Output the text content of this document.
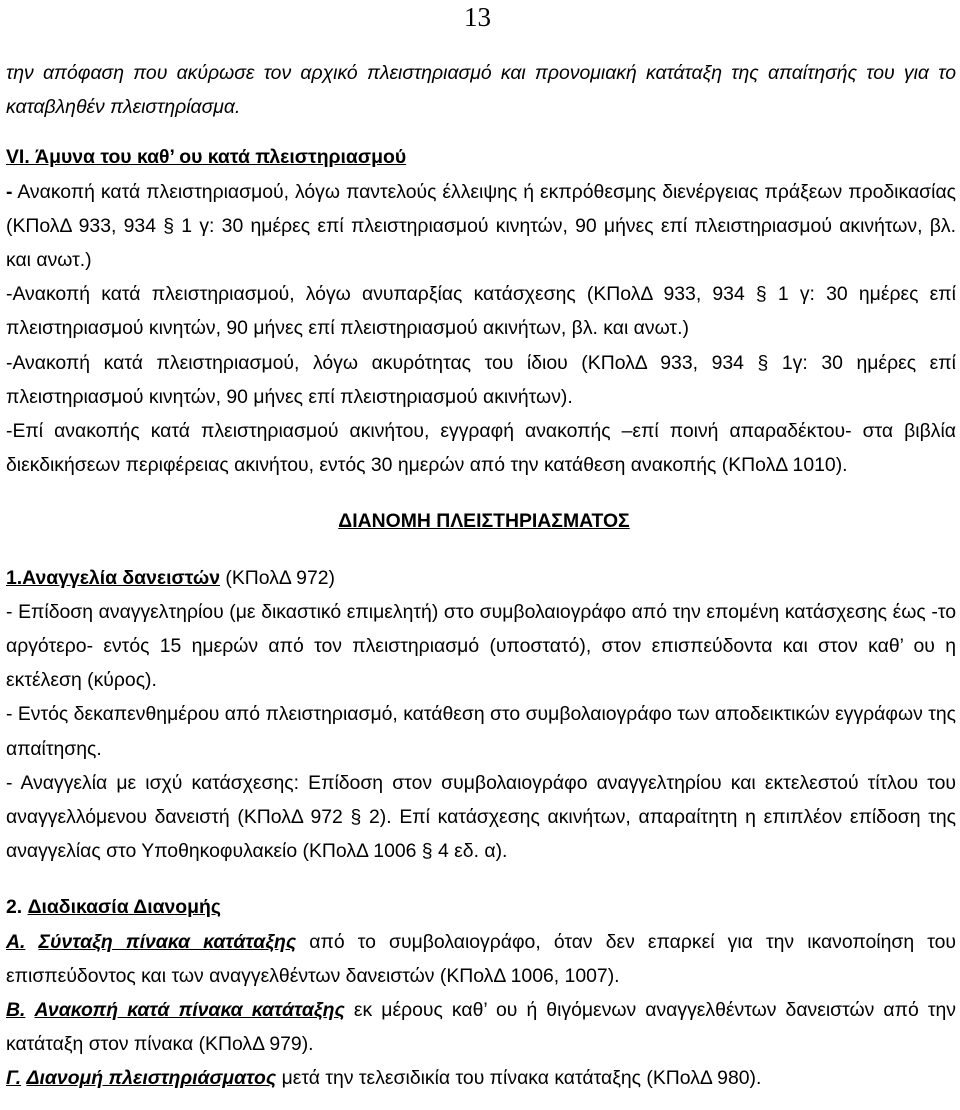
13

την απόφαση που ακύρωσε τον αρχικό πλειστηριασμό και προνομιακή κατάταξη της απαίτησής του για το καταβληθέν πλειστηρίασμα.

VI. Άμυνα του καθ’ ου κατά πλειστηριασμού

- Ανακοπή κατά πλειστηριασμού, λόγω παντελούς έλλειψης ή εκπρόθεσμης διενέργειας πράξεων προδικασίας (ΚΠολΔ 933, 934 § 1 γ: 30 ημέρες επί πλειστηριασμού κινητών, 90 μήνες επί πλειστηριασμού ακινήτων, βλ. και ανωτ.)

-Ανακοπή κατά πλειστηριασμού, λόγω ανυπαρξίας κατάσχεσης (ΚΠολΔ 933, 934 § 1 γ: 30 ημέρες επί πλειστηριασμού κινητών, 90 μήνες επί πλειστηριασμού ακινήτων, βλ. και ανωτ.)

-Ανακοπή κατά πλειστηριασμού, λόγω ακυρότητας του ίδιου (ΚΠολΔ 933, 934 § 1γ: 30 ημέρες επί πλειστηριασμού κινητών, 90 μήνες επί πλειστηριασμού ακινήτων).

-Επί ανακοπής κατά πλειστηριασμού ακινήτου, εγγραφή ανακοπής –επί ποινή απαραδέκτου- στα βιβλία διεκδικήσεων περιφέρειας ακινήτου, εντός 30 ημερών από την κατάθεση ανακοπής (ΚΠολΔ 1010).

ΔΙΑΝΟΜΗ ΠΛΕΙΣΤΗΡΙΑΣΜΑΤΟΣ

1.Αναγγελία δανειστών (ΚΠολΔ 972)

- Επίδοση αναγγελτηρίου (με δικαστικό επιμελητή) στο συμβολαιογράφο από την επομένη κατάσχεσης έως -το αργότερο- εντός 15 ημερών από τον πλειστηριασμό (υποστατό), στον επισπεύδοντα και στον καθ’ ου η εκτέλεση (κύρος).

- Εντός δεκαπενθημέρου από πλειστηριασμό, κατάθεση στο συμβολαιογράφο των αποδεικτικών εγγράφων της απαίτησης.

- Αναγγελία με ισχύ κατάσχεσης: Επίδοση στον συμβολαιογράφο αναγγελτηρίου και εκτελεστού τίτλου του αναγγελλόμενου δανειστή (ΚΠολΔ 972 § 2). Επί κατάσχεσης ακινήτων, απαραίτητη η επιπλέον επίδοση της αναγγελίας στο Υποθηκοφυλακείο (ΚΠολΔ 1006 § 4 εδ. α).

2. Διαδικασία Διανομής

Α. Σύνταξη πίνακα κατάταξης από το συμβολαιογράφο, όταν δεν επαρκεί για την ικανοποίηση του επισπεύδοντος και των αναγγελθέντων δανειστών (ΚΠολΔ 1006, 1007).

Β. Ανακοπή κατά πίνακα κατάταξης εκ μέρους καθ’ ου ή θιγόμενων αναγγελθέντων δανειστών από την κατάταξη στον πίνακα (ΚΠολΔ 979).

Γ. Διανομή πλειστηριάσματος μετά την τελεσιδικία του πίνακα κατάταξης (ΚΠολΔ 980).
